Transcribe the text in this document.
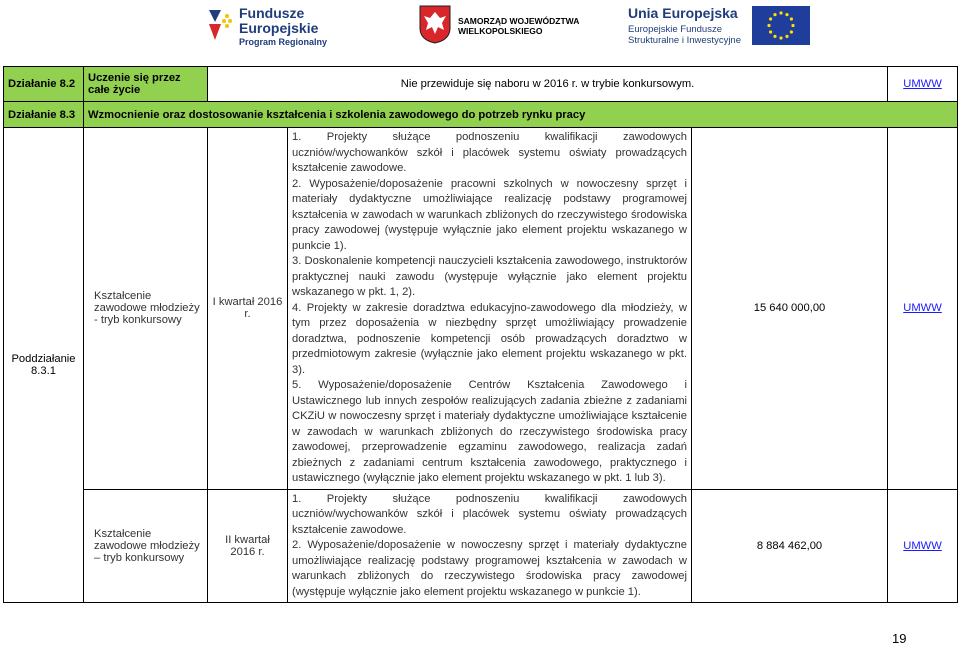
Fundusze
Europejskie
Program Regionalny
SAMORZĄD WOJEWÓDZTWA
WIELKOPOLSKIEGO
Unia Europejska
Europejskie Fundusze
Strukturalne i Inwestycyjne
Działanie 8.2	Uczenie się przez całe życie	Nie przewiduje się naboru w 2016 r. w trybie konkursowym.			UMWW
Działanie 8.3	Wzmocnienie oraz dostosowanie kształcenia i szkolenia zawodowego do potrzeb rynku pracy				
Poddziałanie 8.3.1	Kształcenie zawodowe młodzieży - tryb konkursowy	I kwartał 2016 r.	1. Projekty służące podnoszeniu kwalifikacji zawodowych uczniów/wychowanków szkół i placówek systemu oświaty prowadzących kształcenie zawodowe.

2. Wyposażenie/doposażenie pracowni szkolnych w nowoczesny sprzęt i materiały dydaktyczne umożliwiające realizację podstawy programowej kształcenia w zawodach w warunkach zbliżonych do rzeczywistego środowiska pracy zawodowej (występuje wyłącznie jako element projektu wskazanego w punkcie 1).

3. Doskonalenie kompetencji nauczycieli kształcenia zawodowego, instruktorów praktycznej nauki zawodu (występuje wyłącznie jako element projektu wskazanego w pkt. 1, 2).

4. Projekty w zakresie doradztwa edukacyjno-zawodowego dla młodzieży, w tym przez doposażenia w niezbędny sprzęt umożliwiający prowadzenie doradztwa, podnoszenie kompetencji osób prowadzących doradztwo w przedmiotowym zakresie (wyłącznie jako element projektu wskazanego w pkt. 3).

5. Wyposażenie/doposażenie Centrów Kształcenia Zawodowego i Ustawicznego lub innych zespołów realizujących zadania zbieżne z zadaniami CKZiU w nowoczesny sprzęt i materiały dydaktyczne umożliwiające kształcenie w zawodach w warunkach zbliżonych do rzeczywistego środowiska pracy zawodowej, przeprowadzenie egzaminu zawodowego, realizacja zadań zbieżnych z zadaniami centrum kształcenia zawodowego, praktycznego i ustawicznego (wyłącznie jako element projektu wskazanego w pkt. 1 lub 3).	15 640 000,00	UMWW
	Kształcenie zawodowe młodzieży – tryb konkursowy	II kwartał 2016 r.	1. Projekty służące podnoszeniu kwalifikacji zawodowych uczniów/wychowanków szkół i placówek systemu oświaty prowadzących kształcenie zawodowe.

2. Wyposażenie/doposażenie w nowoczesny sprzęt i materiały dydaktyczne umożliwiające realizację podstawy programowej kształcenia w zawodach w warunkach zbliżonych do rzeczywistego środowiska pracy zawodowej (występuje wyłącznie jako element projektu wskazanego w punkcie 1).	8 884 462,00	UMWW
19
